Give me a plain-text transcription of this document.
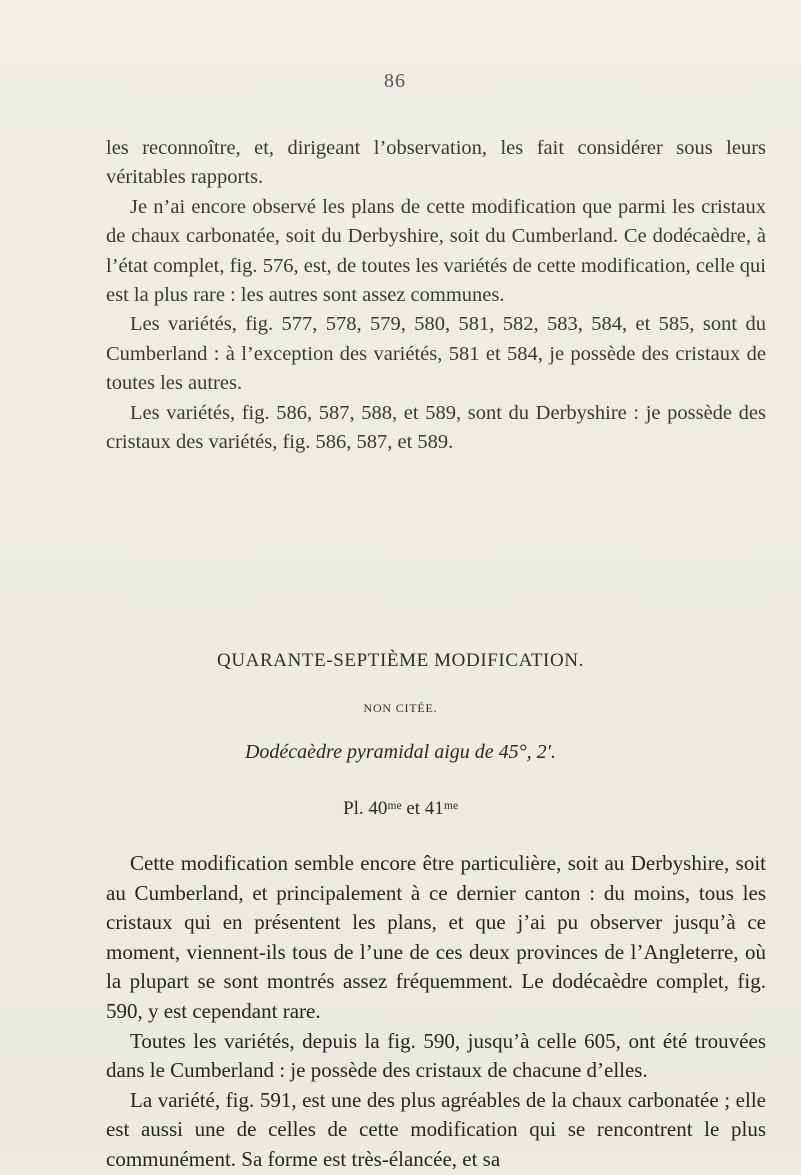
86

les reconnoître, et, dirigeant l’observation, les fait considérer sous leurs véritables rapports.

Je n’ai encore observé les plans de cette modification que parmi les cristaux de chaux carbonatée, soit du Derbyshire, soit du Cumberland. Ce dodécaèdre, à l’état complet, fig. 576, est, de toutes les variétés de cette modification, celle qui est la plus rare : les autres sont assez communes.

Les variétés, fig. 577, 578, 579, 580, 581, 582, 583, 584, et 585, sont du Cumberland : à l’exception des variétés, 581 et 584, je possède des cristaux de toutes les autres.

Les variétés, fig. 586, 587, 588, et 589, sont du Derbyshire : je possède des cristaux des variétés, fig. 586, 587, et 589.

QUARANTE-SEPTIÈME MODIFICATION.
NON CITÉE.
Dodécaèdre pyramidal aigu de 45°, 2′.
Pl. 40ᵐᵉ et 41ᵐᵉ

Cette modification semble encore être particulière, soit au Derbyshire, soit au Cumberland, et principalement à ce dernier canton : du moins, tous les cristaux qui en présentent les plans, et que j’ai pu observer jusqu’à ce moment, viennent-ils tous de l’une de ces deux provinces de l’Angleterre, où la plupart se sont montrés assez fréquemment. Le dodécaèdre complet, fig. 590, y est cependant rare.

Toutes les variétés, depuis la fig. 590, jusqu’à celle 605, ont été trouvées dans le Cumberland : je possède des cristaux de chacune d’elles.

La variété, fig. 591, est une des plus agréables de la chaux carbonatée ; elle est aussi une de celles de cette modification qui se rencontrent le plus communément. Sa forme est très-élancée, et sa
